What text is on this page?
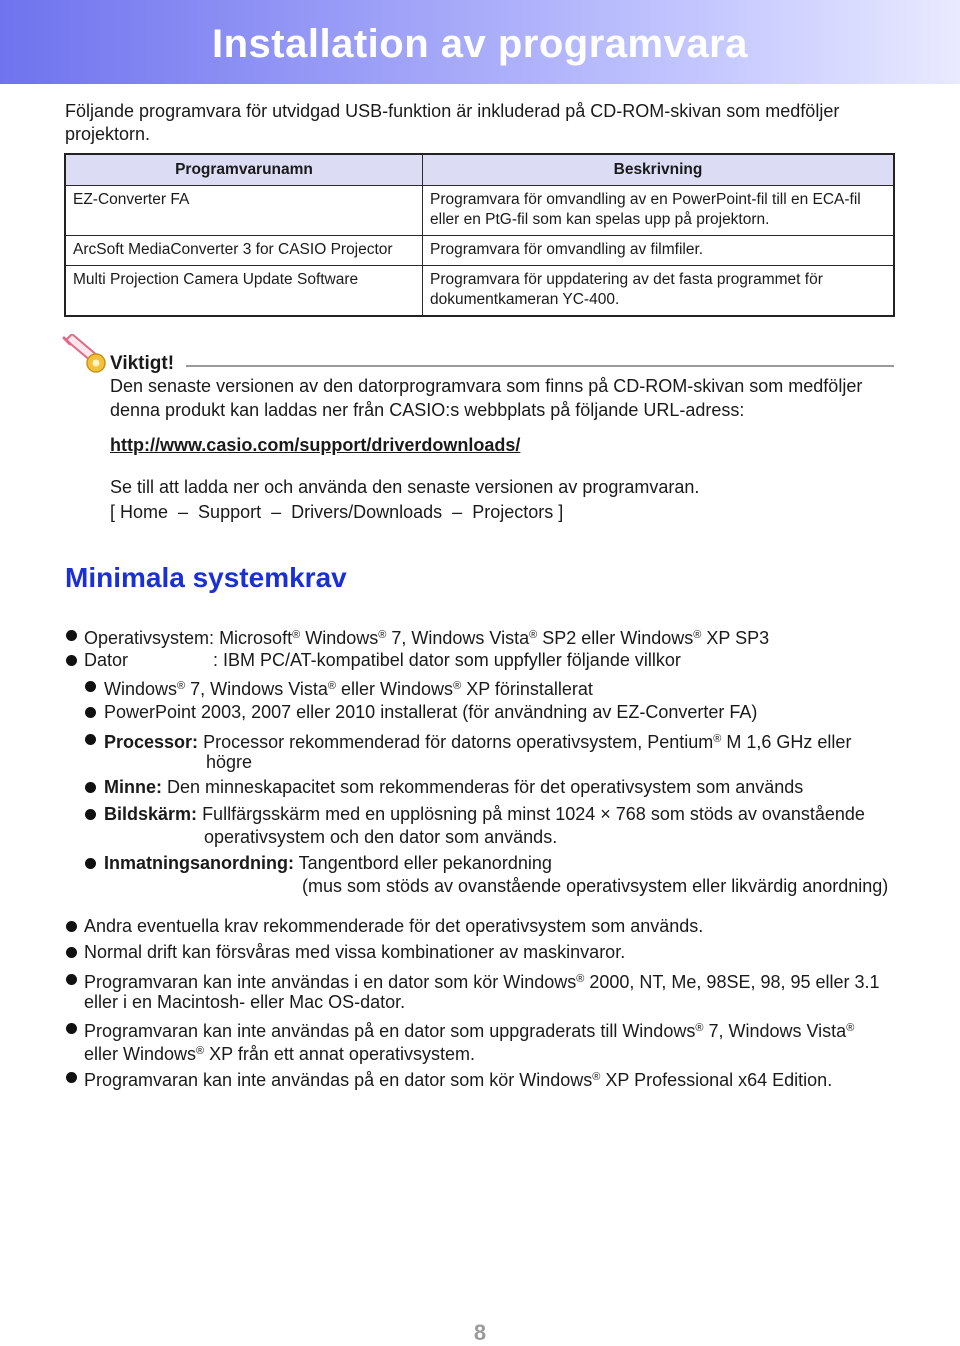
Installation av programvara

Följande programvara för utvidgad USB-funktion är inkluderad på CD-ROM-skivan som medföljer projektorn.

Programvarunamn	Beskrivning
EZ-Converter FA	Programvara för omvandling av en PowerPoint-fil till en ECA-fil eller en PtG-fil som kan spelas upp på projektorn.
ArcSoft MediaConverter 3 for CASIO Projector	Programvara för omvandling av filmfiler.
Multi Projection Camera Update Software	Programvara för uppdatering av det fasta programmet för dokumentkameran YC-400.
Viktigt!

Den senaste versionen av den datorprogramvara som finns på CD-ROM-skivan som medföljer denna produkt kan laddas ner från CASIO:s webbplats på följande URL-adress:

http://www.casio.com/support/driverdownloads/
Se till att ladda ner och använda den senaste versionen av programvaran.
[ Home  –  Support  –  Drivers/Downloads  –  Projectors ]
Minimala systemkrav
Operativsystem: Microsoft® Windows® 7, Windows Vista® SP2 eller Windows® XP SP3
Dator	: IBM PC/AT-kompatibel dator som uppfyller följande villkor
Windows® 7, Windows Vista® eller Windows® XP förinstallerat
PowerPoint 2003, 2007 eller 2010 installerat (för användning av EZ-Converter FA)
Processor: Processor rekommenderad för datorns operativsystem, Pentium® M 1,6 GHz eller
högre
Minne: Den minneskapacitet som rekommenderas för det operativsystem som används
Bildskärm: Fullfärgsskärm med en upplösning på minst 1024 × 768 som stöds av ovanstående
operativsystem och den dator som används.
Inmatningsanordning: Tangentbord eller pekanordning
(mus som stöds av ovanstående operativsystem eller likvärdig anordning)
Andra eventuella krav rekommenderade för det operativsystem som används.
Normal drift kan försvåras med vissa kombinationer av maskinvaror.
Programvaran kan inte användas i en dator som kör Windows® 2000, NT, Me, 98SE, 98, 95 eller 3.1
eller i en Macintosh- eller Mac OS-dator.
Programvaran kan inte användas på en dator som uppgraderats till Windows® 7, Windows Vista®
eller Windows® XP från ett annat operativsystem.
Programvaran kan inte användas på en dator som kör Windows® XP Professional x64 Edition.
8
